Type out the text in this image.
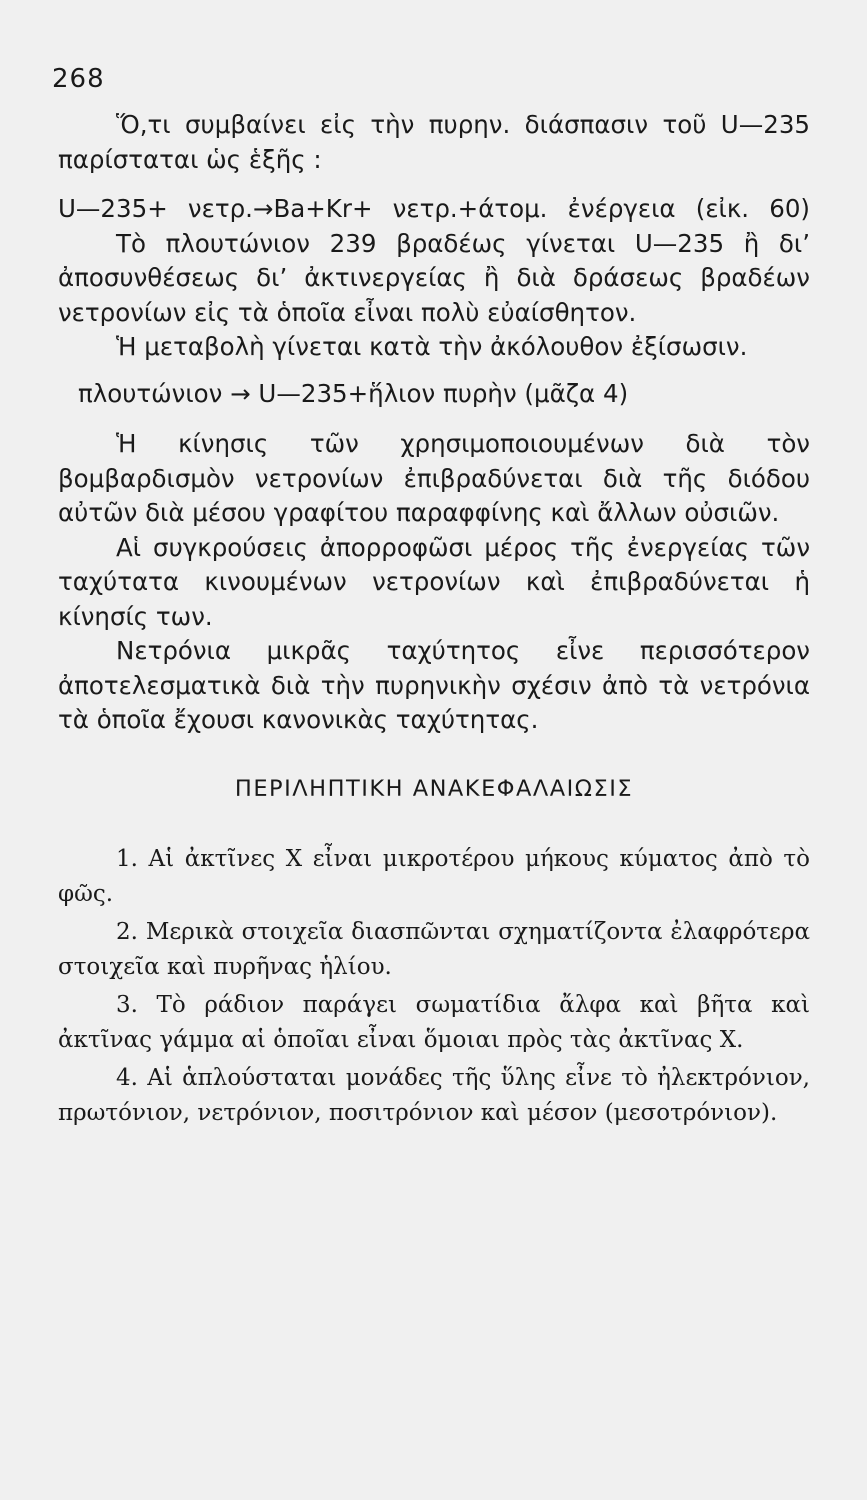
268

Ὅ,τι συμβαίνει εἰς τὴν πυρην. διάσπασιν τοῦ U—235 παρίσταται ὡς ἑξῆς :

U—235+ νετρ.→Ba+Kr+ νετρ.+άτομ. ἐνέργεια (εἰκ. 60)

Τὸ πλουτώνιον 239 βραδέως γίνεται U—235 ἢ δι’ ἀποσυνθέσεως δι’ ἀκτινεργείας ἢ διὰ δράσεως βραδέων νετρονίων εἰς τὰ ὁποῖα εἶναι πολὺ εὐαίσθητον.

Ἡ μεταβολὴ γίνεται κατὰ τὴν ἀκόλουθον ἐξίσωσιν.

πλουτώνιον → U—235+ἥλιον πυρὴν (μᾶζα 4)

Ἡ κίνησις τῶν χρησιμοποιουμένων διὰ τὸν βομβαρδισμὸν νετρονίων ἐπιβραδύνεται διὰ τῆς διόδου αὐτῶν διὰ μέσου γραφίτου παραφφίνης καὶ ἄλλων οὐσιῶν.

Αἱ συγκρούσεις ἀπορροφῶσι μέρος τῆς ἐνεργείας τῶν ταχύτατα κινουμένων νετρονίων καὶ ἐπιβραδύνεται ἡ κίνησίς των.

Νετρόνια μικρᾶς ταχύτητος εἶνε περισσότερον ἀποτελεσματικὰ διὰ τὴν πυρηνικὴν σχέσιν ἀπὸ τὰ νετρόνια τὰ ὁποῖα ἔχουσι κανονικὰς ταχύτητας.

ΠΕΡΙΛΗΠΤΙΚΗ ΑΝΑΚΕΦΑΛΑΙΩΣΙΣ

1. Αἱ ἀκτῖνες X εἶναι μικροτέρου μήκους κύματος ἀπὸ τὸ φῶς.

2. Μερικὰ στοιχεῖα διασπῶνται σχηματίζοντα ἐλαφρότερα στοιχεῖα καὶ πυρῆνας ἡλίου.

3. Τὸ ράδιον παράγει σωματίδια ἄλφα καὶ βῆτα καὶ ἀκτῖνας γάμμα αἱ ὁποῖαι εἶναι ὅμοιαι πρὸς τὰς ἀκτῖνας X.

4. Αἱ ἁπλούσταται μονάδες τῆς ὕλης εἶνε τὸ ἠλεκτρόνιον, πρωτόνιον, νετρόνιον, ποσιτρόνιον καὶ μέσον (μεσοτρόνιον).
